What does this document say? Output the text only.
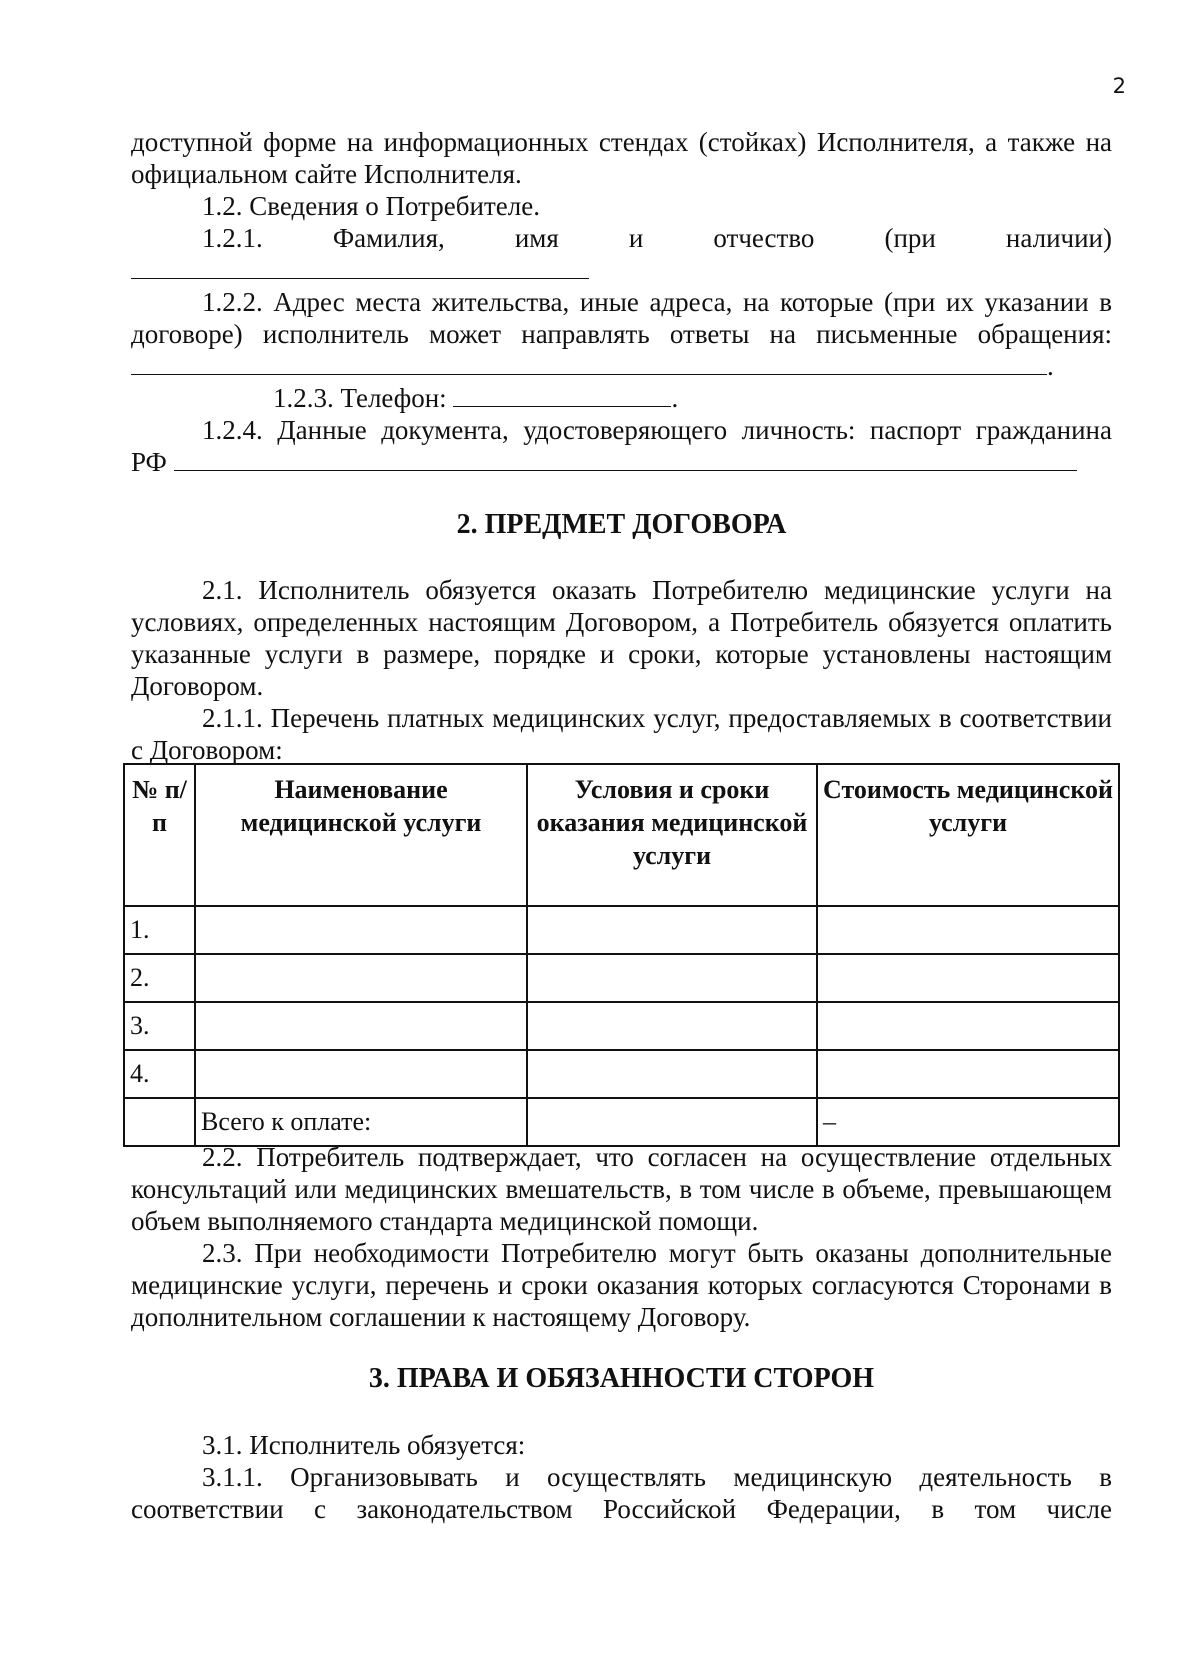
2

доступной форме на информационных стендах (стойках) Исполнителя, а также на официальном сайте Исполнителя.

1.2. Сведения о Потребителе.

1.2.1.	Фамилия,	имя	и	отчество	(при	наличии)

1.2.2. Адрес места жительства, иные адреса, на которые (при их указании в договоре) исполнитель может направлять ответы на письменные обращения:

.
1.2.3. Телефон:	.

1.2.4. Данные документа, удостоверяющего личность: паспорт гражданина

РФ
2. ПРЕДМЕТ ДОГОВОРА

2.1. Исполнитель обязуется оказать Потребителю медицинские услуги на условиях, определенных настоящим Договором, а Потребитель обязуется оплатить указанные услуги в размере, порядке и сроки, которые установлены настоящим Договором.

2.1.1. Перечень платных медицинских услуг, предоставляемых в соответствии с Договором:

№ п/п	Наименование медицинской услуги	Условия и сроки оказания медицинской услуги	Стоимость медицинской услуги
1.			
2.			
3.			
4.			
	Всего к оплате:		–

2.2. Потребитель подтверждает, что согласен на осуществление отдельных консультаций или медицинских вмешательств, в том числе в объеме, превышающем объем выполняемого стандарта медицинской помощи.

2.3. При необходимости Потребителю могут быть оказаны дополнительные медицинские услуги, перечень и сроки оказания которых согласуются Сторонами в дополнительном соглашении к настоящему Договору.

3. ПРАВА И ОБЯЗАННОСТИ СТОРОН

3.1. Исполнитель обязуется:

3.1.1. Организовывать и осуществлять медицинскую деятельность в соответствии с законодательством Российской Федерации, в том числе
